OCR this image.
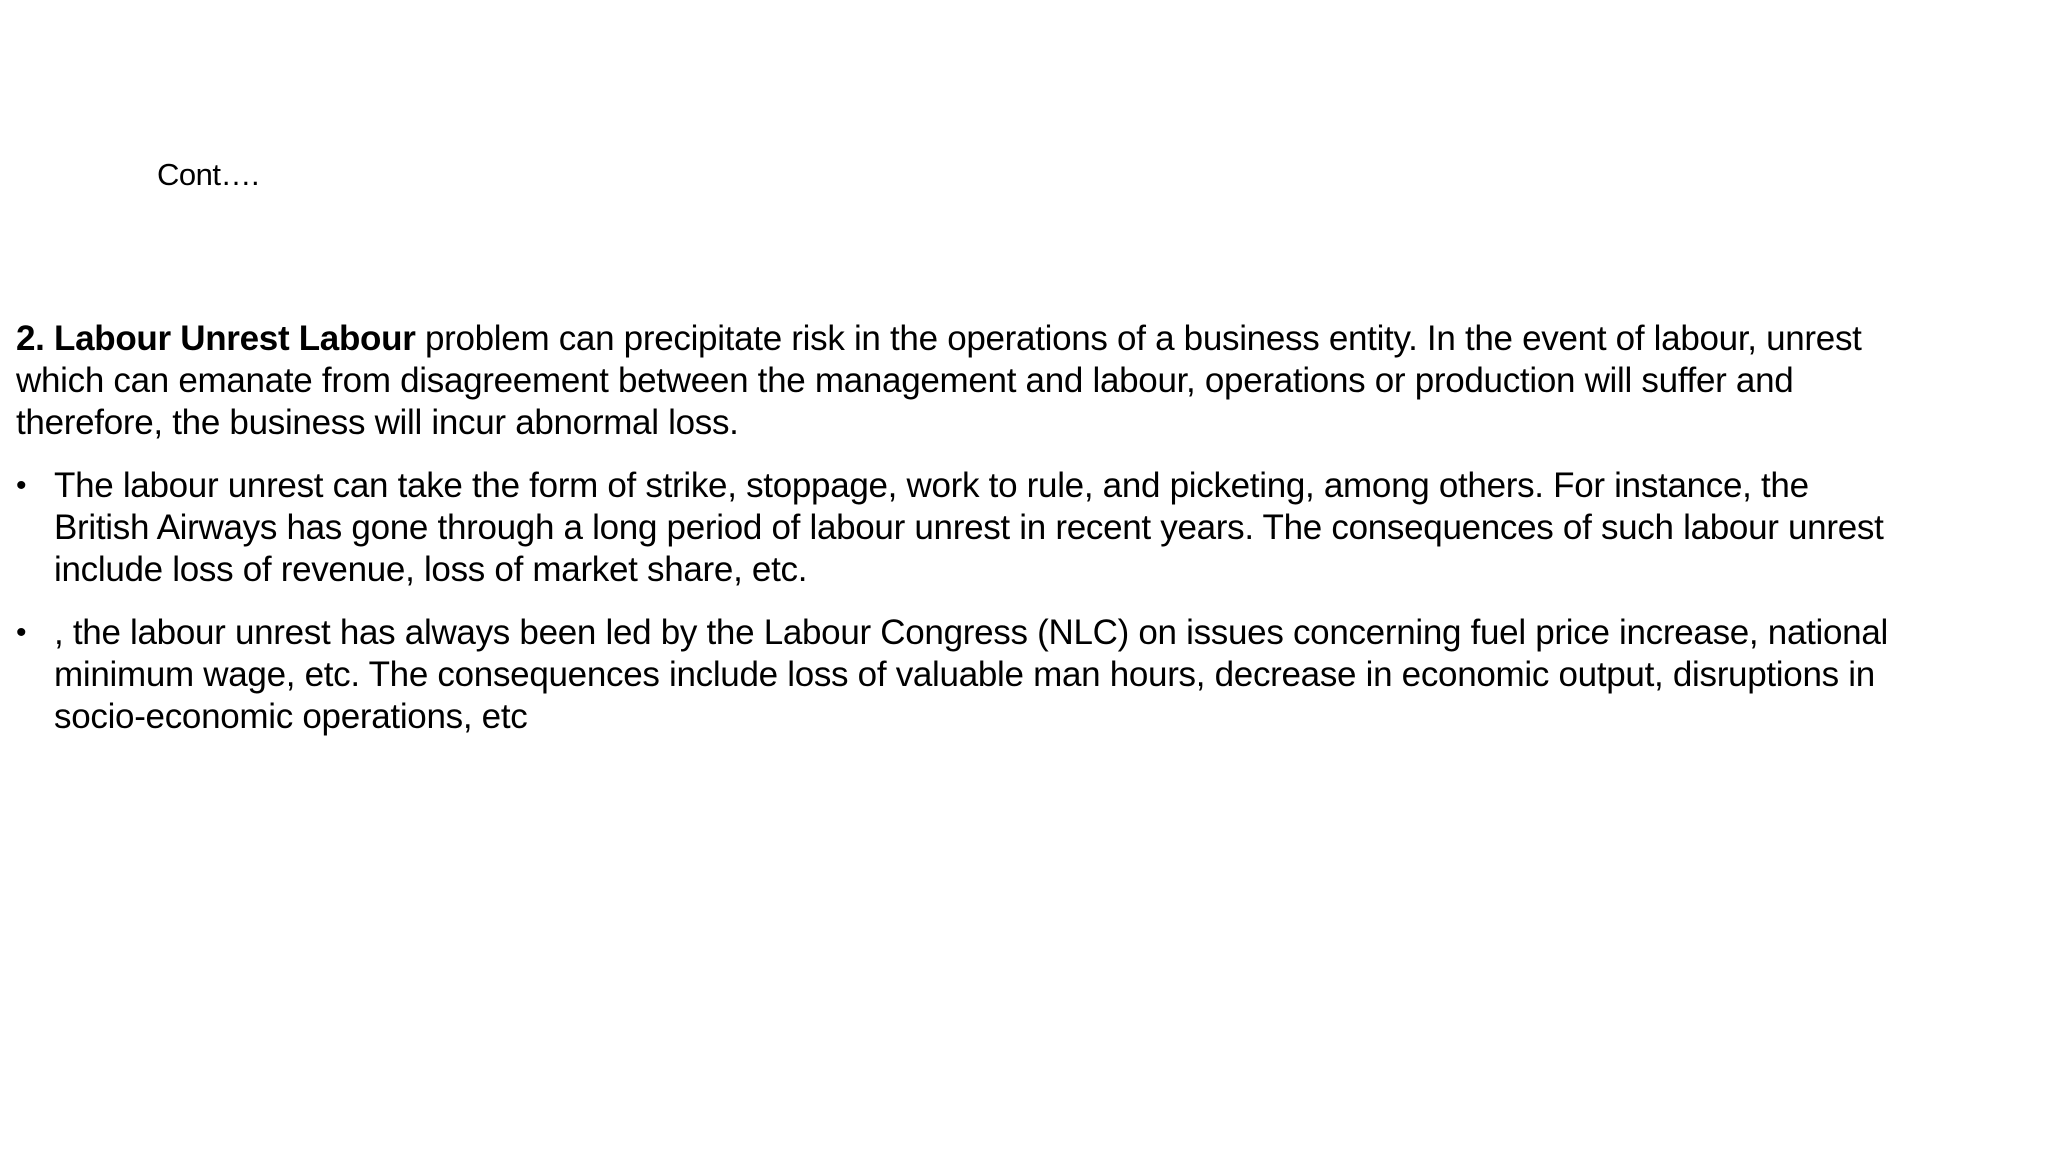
Cont….

2. Labour Unrest Labour problem can precipitate risk in the operations of a business entity. In the event of labour, unrest which can emanate from disagreement between the management and labour, operations or production will suffer and therefore, the business will incur abnormal loss.

• The labour unrest can take the form of strike, stoppage, work to rule, and picketing, among others. For instance, the British Airways has gone through a long period of labour unrest in recent years. The consequences of such labour unrest include loss of revenue, loss of market share, etc.
• , the labour unrest has always been led by the Labour Congress (NLC) on issues concerning fuel price increase, national minimum wage, etc. The consequences include loss of valuable man hours, decrease in economic output, disruptions in socio-economic operations, etc
